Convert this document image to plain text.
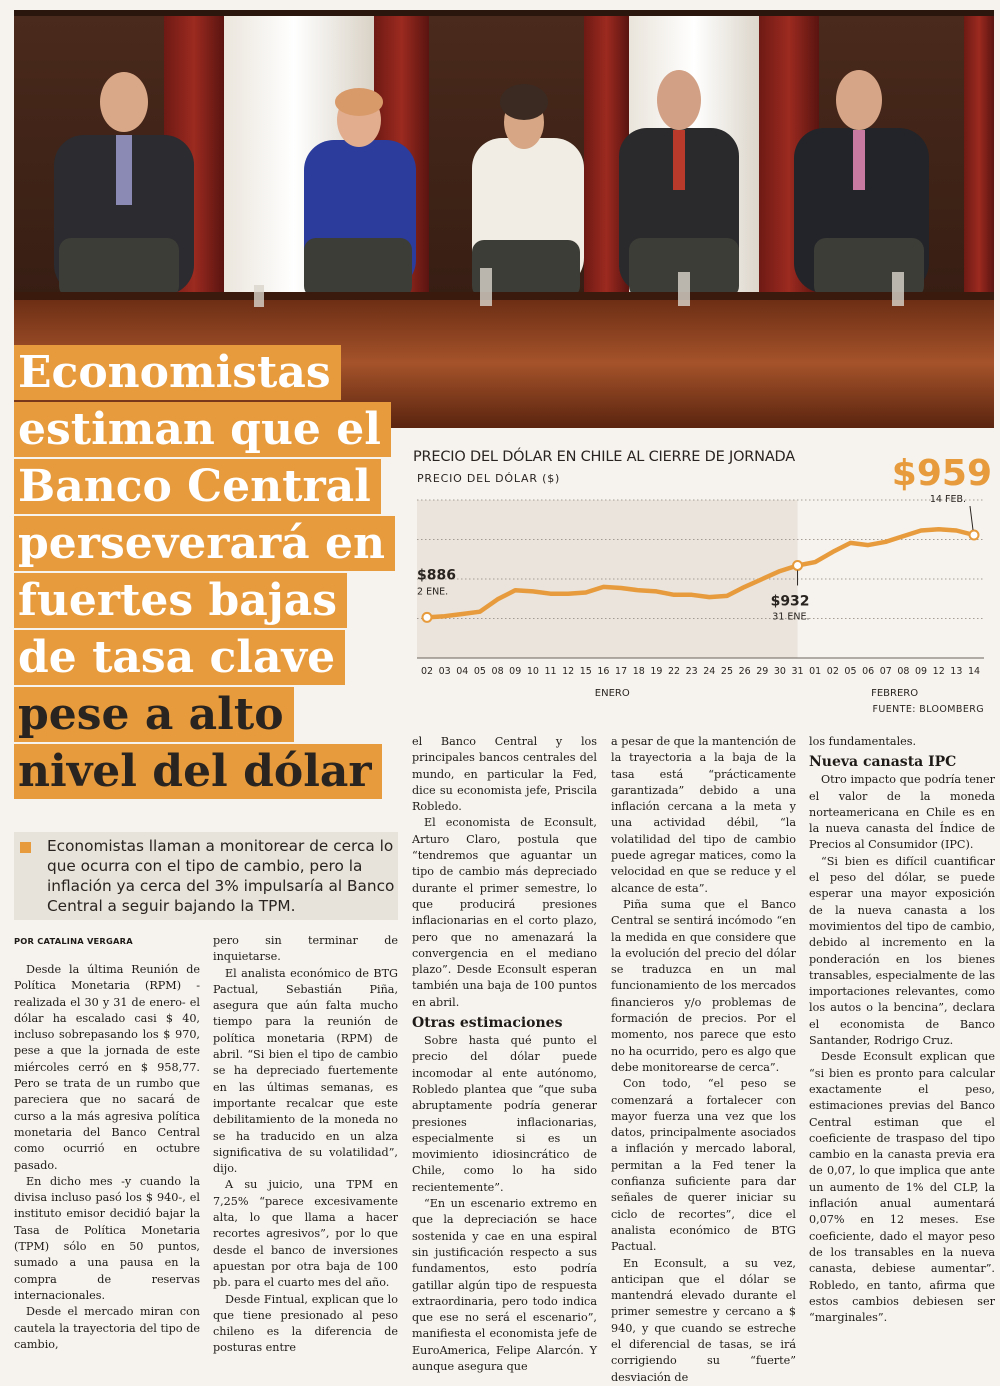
Economistas
estiman que el
Banco Central
perseverará en
fuertes bajas
de tasa clave
pese a alto
nivel del dólar
Economistas llaman a monitorear de cerca lo que ocurra con el tipo de cambio, pero la inflación ya cerca del 3% impulsaría al Banco Central a seguir bajando la TPM.
POR CATALINA VERGARA
PRECIO DEL DÓLAR EN CHILE AL CIERRE DE JORNADA
PRECIO DEL DÓLAR ($)
02 03 04 05 08 09 10 11 12 15 16 17 18 19 22 23 24 25 26 29 30 31 01 02 05 06 07 08 09 12 13 14
ENERO	FEBRERO
$886
2 ENE.
$932
31 ENE.
$959
14 FEB.
FUENTE: BLOOMBERG

Desde la última Reunión de Política Monetaria (RPM) -realizada el 30 y 31 de enero- el dólar ha escalado casi $ 40, incluso sobrepasando los $ 970, pese a que la jornada de este miércoles cerró en $ 958,77. Pero se trata de un rumbo que pareciera que no sacará de curso a la más agresiva política monetaria del Banco Central como ocurrió en octubre pasado.

En dicho mes -y cuando la divisa incluso pasó los $ 940-, el instituto emisor decidió bajar la Tasa de Política Monetaria (TPM) sólo en 50 puntos, sumado a una pausa en la compra de reservas internacionales.

Desde el mercado miran con cautela la trayectoria del tipo de cambio,

pero sin terminar de inquietarse.

El analista económico de BTG Pactual, Sebastián Piña, asegura que aún falta mucho tiempo para la reunión de política monetaria (RPM) de abril. “Si bien el tipo de cambio se ha depreciado fuertemente en las últimas semanas, es importante recalcar que este debilitamiento de la moneda no se ha traducido en un alza significativa de su volatilidad”, dijo.

A su juicio, una TPM en 7,25% “parece excesivamente alta, lo que llama a hacer recortes agresivos”, por lo que desde el banco de inversiones apuestan por otra baja de 100 pb. para el cuarto mes del año.

Desde Fintual, explican que lo que tiene presionado al peso chileno es la diferencia de posturas entre

el Banco Central y los principales bancos centrales del mundo, en particular la Fed, dice su economista jefe, Priscila Robledo.

El economista de Econsult, Arturo Claro, postula que “tendremos que aguantar un tipo de cambio más depreciado durante el primer semestre, lo que producirá presiones inflacionarias en el corto plazo, pero que no amenazará la convergencia en el mediano plazo”. Desde Econsult esperan también una baja de 100 puntos en abril.

Otras estimaciones

Sobre hasta qué punto el precio del dólar puede incomodar al ente autónomo, Robledo plantea que “que suba abruptamente podría generar presiones inflacionarias, especialmente si es un movimiento idiosincrático de Chile, como lo ha sido recientemente”.

“En un escenario extremo en que la depreciación se hace sostenida y cae en una espiral sin justificación respecto a sus fundamentos, esto podría gatillar algún tipo de respuesta extraordinaria, pero todo indica que ese no será el escenario”, manifiesta el economista jefe de EuroAmerica, Felipe Alarcón. Y aunque asegura que

a pesar de que la mantención de la trayectoria a la baja de la tasa está “prácticamente garantizada” debido a una inflación cercana a la meta y una actividad débil, “la volatilidad del tipo de cambio puede agregar matices, como la velocidad en que se reduce y el alcance de esta”.

Piña suma que el Banco Central se sentirá incómodo “en la medida en que considere que la evolución del precio del dólar se traduzca en un mal funcionamiento de los mercados financieros y/o problemas de formación de precios. Por el momento, nos parece que esto no ha ocurrido, pero es algo que debe monitorearse de cerca”.

Con todo, “el peso se comenzará a fortalecer con mayor fuerza una vez que los datos, principalmente asociados a inflación y mercado laboral, permitan a la Fed tener la confianza suficiente para dar señales de querer iniciar su ciclo de recortes”, dice el analista económico de BTG Pactual.

En Econsult, a su vez, anticipan que el dólar se mantendrá elevado durante el primer semestre y cercano a $ 940, y que cuando se estreche el diferencial de tasas, se irá corrigiendo su “fuerte” desviación de

los fundamentales.

Nueva canasta IPC

Otro impacto que podría tener el valor de la moneda norteamericana en Chile es en la nueva canasta del Índice de Precios al Consumidor (IPC).

“Si bien es difícil cuantificar el peso del dólar, se puede esperar una mayor exposición de la nueva canasta a los movimientos del tipo de cambio, debido al incremento en la ponderación en los bienes transables, especialmente de las importaciones relevantes, como los autos o la bencina”, declara el economista de Banco Santander, Rodrigo Cruz.

Desde Econsult explican que “si bien es pronto para calcular exactamente el peso, estimaciones previas del Banco Central estiman que el coeficiente de traspaso del tipo cambio en la canasta previa era de 0,07, lo que implica que ante un aumento de 1% del CLP, la inflación anual aumentará 0,07% en 12 meses. Ese coeficiente, dado el mayor peso de los transables en la nueva canasta, debiese aumentar”. Robledo, en tanto, afirma que estos cambios debiesen ser “marginales”.
